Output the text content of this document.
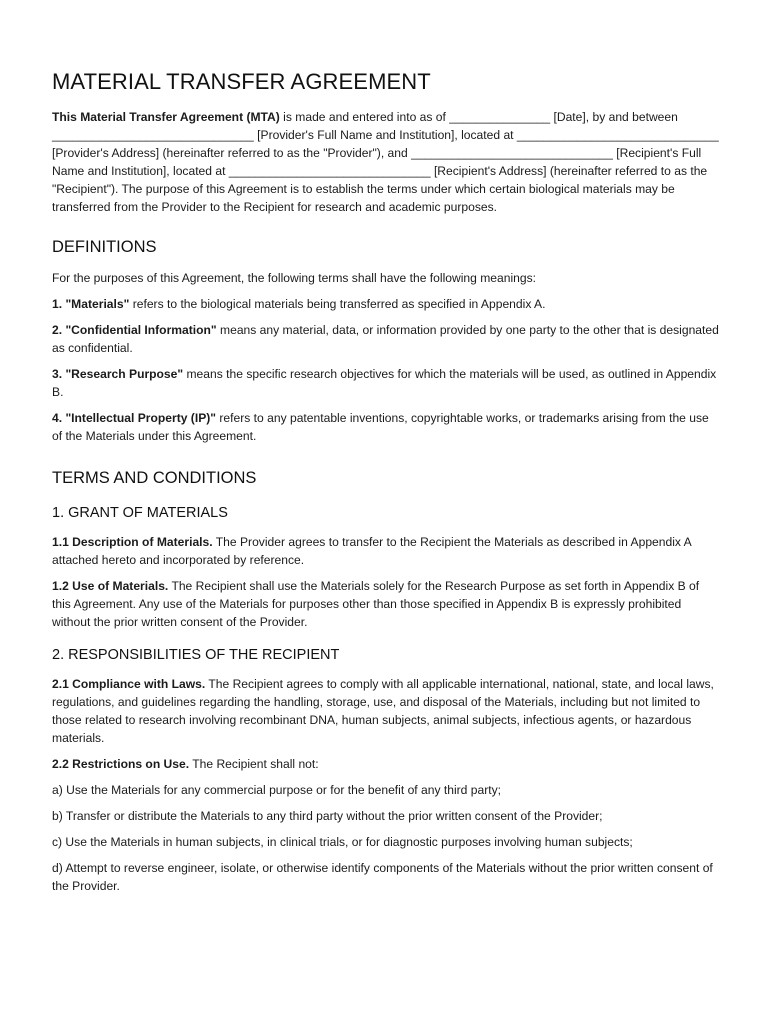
MATERIAL TRANSFER AGREEMENT

This Material Transfer Agreement (MTA) is made and entered into as of _______________ [Date], by and between ______________________________ [Provider's Full Name and Institution], located at ______________________________ [Provider's Address] (hereinafter referred to as the "Provider"), and ______________________________ [Recipient's Full Name and Institution], located at ______________________________ [Recipient's Address] (hereinafter referred to as the "Recipient"). The purpose of this Agreement is to establish the terms under which certain biological materials may be transferred from the Provider to the Recipient for research and academic purposes.

DEFINITIONS

For the purposes of this Agreement, the following terms shall have the following meanings:

1. "Materials" refers to the biological materials being transferred as specified in Appendix A.

2. "Confidential Information" means any material, data, or information provided by one party to the other that is designated as confidential.

3. "Research Purpose" means the specific research objectives for which the materials will be used, as outlined in Appendix B.

4. "Intellectual Property (IP)" refers to any patentable inventions, copyrightable works, or trademarks arising from the use of the Materials under this Agreement.

TERMS AND CONDITIONS
1. GRANT OF MATERIALS

1.1 Description of Materials. The Provider agrees to transfer to the Recipient the Materials as described in Appendix A attached hereto and incorporated by reference.

1.2 Use of Materials. The Recipient shall use the Materials solely for the Research Purpose as set forth in Appendix B of this Agreement. Any use of the Materials for purposes other than those specified in Appendix B is expressly prohibited without the prior written consent of the Provider.

2. RESPONSIBILITIES OF THE RECIPIENT

2.1 Compliance with Laws. The Recipient agrees to comply with all applicable international, national, state, and local laws, regulations, and guidelines regarding the handling, storage, use, and disposal of the Materials, including but not limited to those related to research involving recombinant DNA, human subjects, animal subjects, infectious agents, or hazardous materials.

2.2 Restrictions on Use. The Recipient shall not:

a) Use the Materials for any commercial purpose or for the benefit of any third party;

b) Transfer or distribute the Materials to any third party without the prior written consent of the Provider;

c) Use the Materials in human subjects, in clinical trials, or for diagnostic purposes involving human subjects;

d) Attempt to reverse engineer, isolate, or otherwise identify components of the Materials without the prior written consent of the Provider.
